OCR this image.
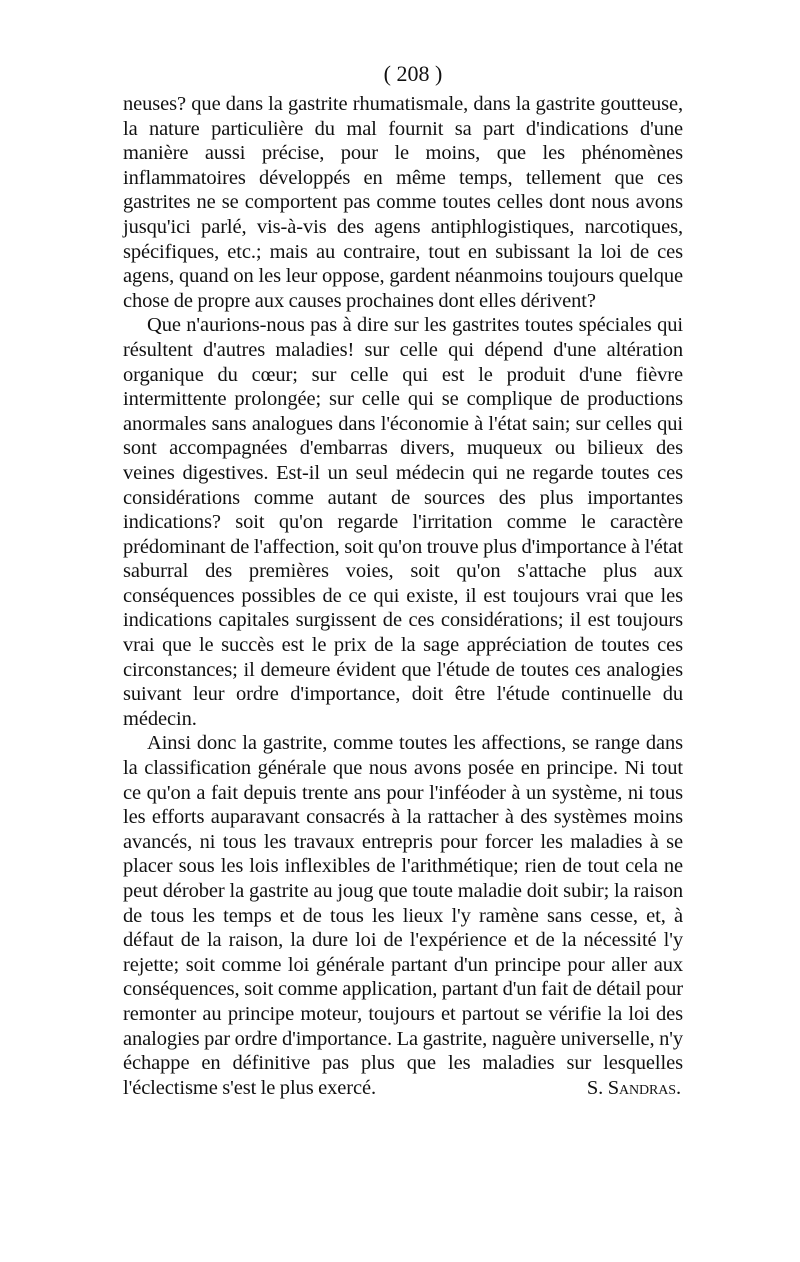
( 208 )

neuses? que dans la gastrite rhumatismale, dans la gastrite goutteuse, la nature particulière du mal fournit sa part d'indications d'une manière aussi précise, pour le moins, que les phénomènes inflammatoires développés en même temps, tellement que ces gastrites ne se comportent pas comme toutes celles dont nous avons jusqu'ici parlé, vis-à-vis des agens antiphlogistiques, narcotiques, spécifiques, etc.; mais au contraire, tout en subissant la loi de ces agens, quand on les leur oppose, gardent néanmoins toujours quelque chose de propre aux causes prochaines dont elles dérivent?

Que n'aurions-nous pas à dire sur les gastrites toutes spéciales qui résultent d'autres maladies! sur celle qui dépend d'une altération organique du cœur; sur celle qui est le produit d'une fièvre intermittente prolongée; sur celle qui se complique de productions anormales sans analogues dans l'économie à l'état sain; sur celles qui sont accompagnées d'embarras divers, muqueux ou bilieux des veines digestives. Est-il un seul médecin qui ne regarde toutes ces considérations comme autant de sources des plus importantes indications? soit qu'on regarde l'irritation comme le caractère prédominant de l'affection, soit qu'on trouve plus d'importance à l'état saburral des premières voies, soit qu'on s'attache plus aux conséquences possibles de ce qui existe, il est toujours vrai que les indications capitales surgissent de ces considérations; il est toujours vrai que le succès est le prix de la sage appréciation de toutes ces circonstances; il demeure évident que l'étude de toutes ces analogies suivant leur ordre d'importance, doit être l'étude continuelle du médecin.

Ainsi donc la gastrite, comme toutes les affections, se range dans la classification générale que nous avons posée en principe. Ni tout ce qu'on a fait depuis trente ans pour l'inféoder à un système, ni tous les efforts auparavant consacrés à la rattacher à des systèmes moins avancés, ni tous les travaux entrepris pour forcer les maladies à se placer sous les lois inflexibles de l'arithmétique; rien de tout cela ne peut dérober la gastrite au joug que toute maladie doit subir; la raison de tous les temps et de tous les lieux l'y ramène sans cesse, et, à défaut de la raison, la dure loi de l'expérience et de la nécessité l'y rejette; soit comme loi générale partant d'un principe pour aller aux conséquences, soit comme application, partant d'un fait de détail pour remonter au principe moteur, toujours et partout se vérifie la loi des analogies par ordre d'importance. La gastrite, naguère universelle, n'y échappe en définitive pas plus que les maladies sur lesquelles l'éclectisme s'est le plus exercé.	S. Sandras.
